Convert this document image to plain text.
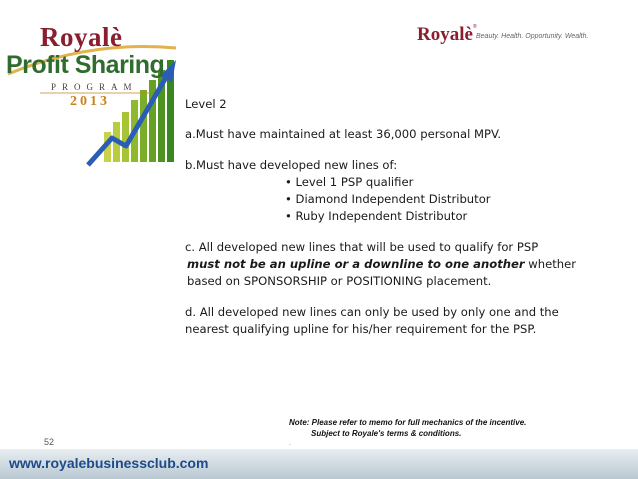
Royalè
Profit Sharing
PROGRAM
2013
Royalè ®
Beauty. Health. Opportunity. Wealth.
Level 2
a.Must have maintained at least 36,000 personal MPV.
b.Must have developed new lines of:
• Level 1 PSP qualifier
• Diamond Independent Distributor
• Ruby Independent Distributor
c. All developed new lines that will be used to qualify for PSP
must not be an upline or a downline to one another whether
based on SPONSORSHIP or POSITIONING placement.
d. All developed new lines can only be used by only one and the
nearest qualifying upline for his/her requirement for the PSP.
Note: Please refer to memo for full mechanics of the incentive.
Subject to Royale's terms & conditions.
.
52
www.royalebusinessclub.com
